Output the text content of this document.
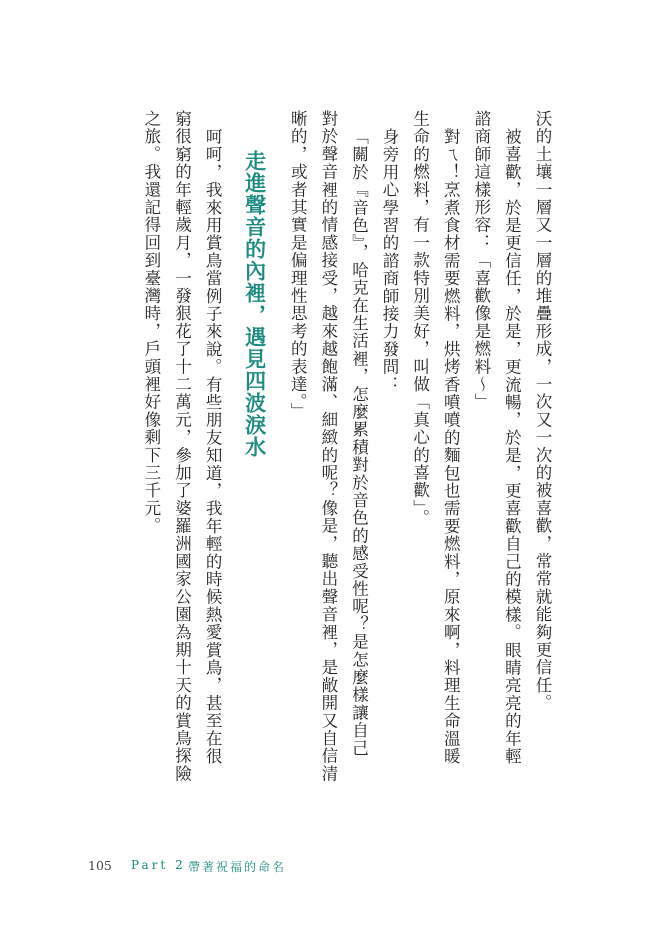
沃的土壤一層又一層的堆疊形成，一次又一次的被喜歡，常常就能夠更信任。
被喜歡，於是更信任，於是，更流暢，於是，更喜歡自己的模樣。眼睛亮亮的年輕
諮商師這樣形容：「喜歡像是燃料～」
對ㄟ！烹煮食材需要燃料，烘烤香噴噴的麵包也需要燃料，原來啊，料理生命溫暖
生命的燃料，有一款特別美好，叫做「真心的喜歡」。
身旁用心學習的諮商師接力發問：
「關於『音色』，哈克在生活裡，怎麼累積對於音色的感受性呢？是怎麼樣讓自己
對於聲音裡的情感接受，越來越飽滿、細緻的呢？像是，聽出聲音裡，是敞開又自信清
晰的，或者其實是偏理性思考的表達。」
走進聲音的內裡，遇見四波淚水
呵呵，我來用賞鳥當例子來說。有些朋友知道，我年輕的時候熱愛賞鳥，甚至在很
窮很窮的年輕歲月，一發狠花了十二萬元，參加了婆羅洲國家公園為期十天的賞鳥探險
之旅。我還記得回到臺灣時，戶頭裡好像剩下三千元。
105 Part 2 帶著祝福的命名
